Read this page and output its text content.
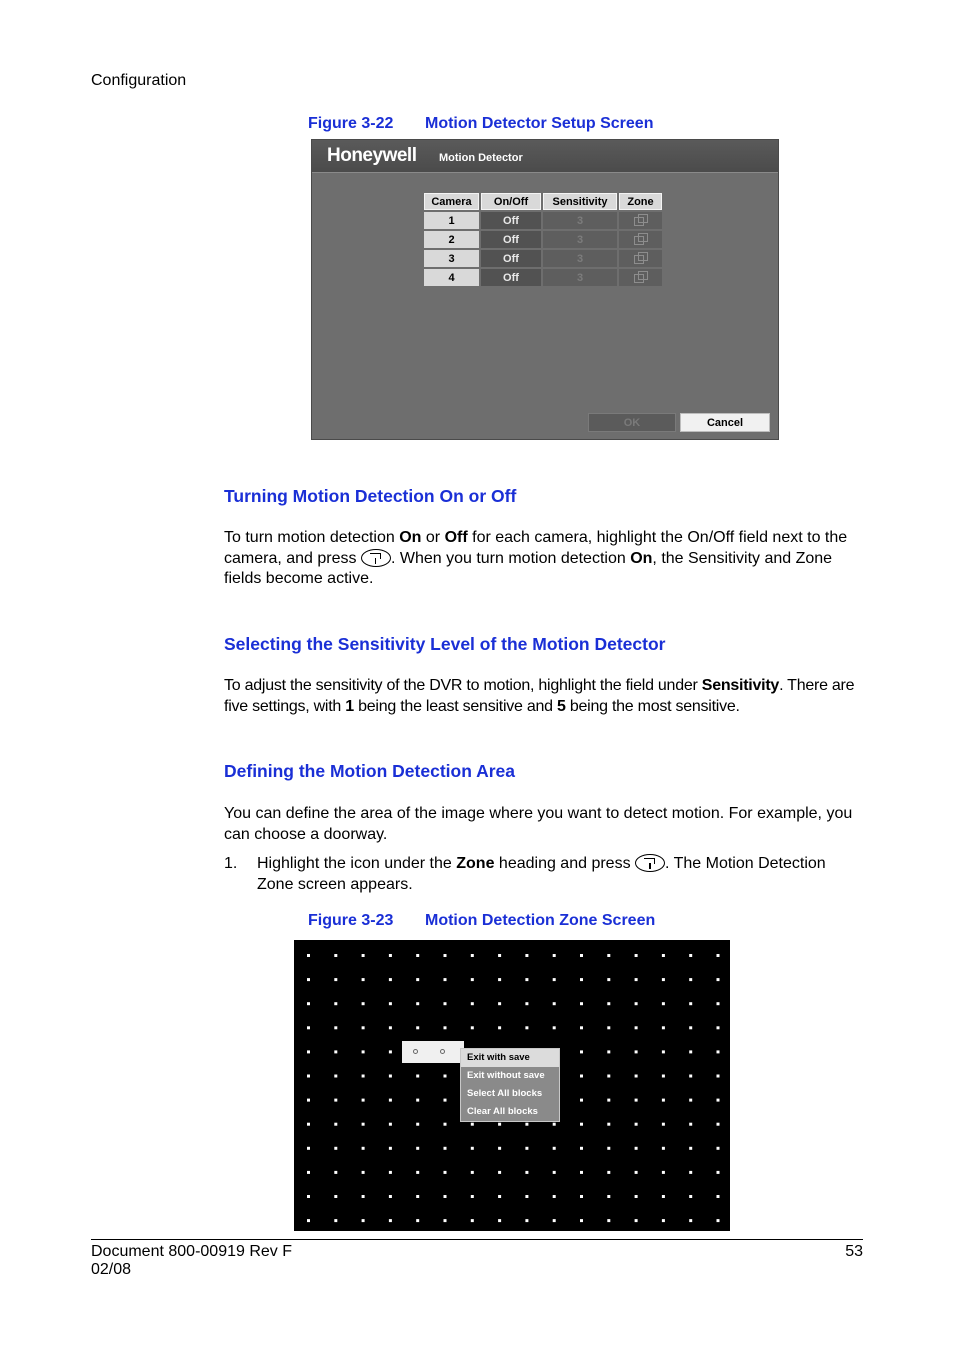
Configuration
Figure 3-22 Motion Detector Setup Screen
Honeywell Motion Detector
Camera	On/Off	Sensitivity	Zone
1	Off	3	
2	Off	3	
3	Off	3	
4	Off	3	
OK	Cancel
Turning Motion Detection On or Off
To turn motion detection On or Off for each camera, highlight the On/Off field next to the camera, and press . When you turn motion detection On, the Sensitivity and Zone fields become active.
Selecting the Sensitivity Level of the Motion Detector
To adjust the sensitivity of the DVR to motion, highlight the field under Sensitivity. There are five settings, with 1 being the least sensitive and 5 being the most sensitive.
Defining the Motion Detection Area
You can define the area of the image where you want to detect motion. For example, you can choose a doorway.
1. Highlight the icon under the Zone heading and press . The Motion Detection Zone screen appears.
Figure 3-23 Motion Detection Zone Screen
Exit with save
Exit without save
Select All blocks
Clear All blocks
Document 800-00919 Rev F
02/08
53
